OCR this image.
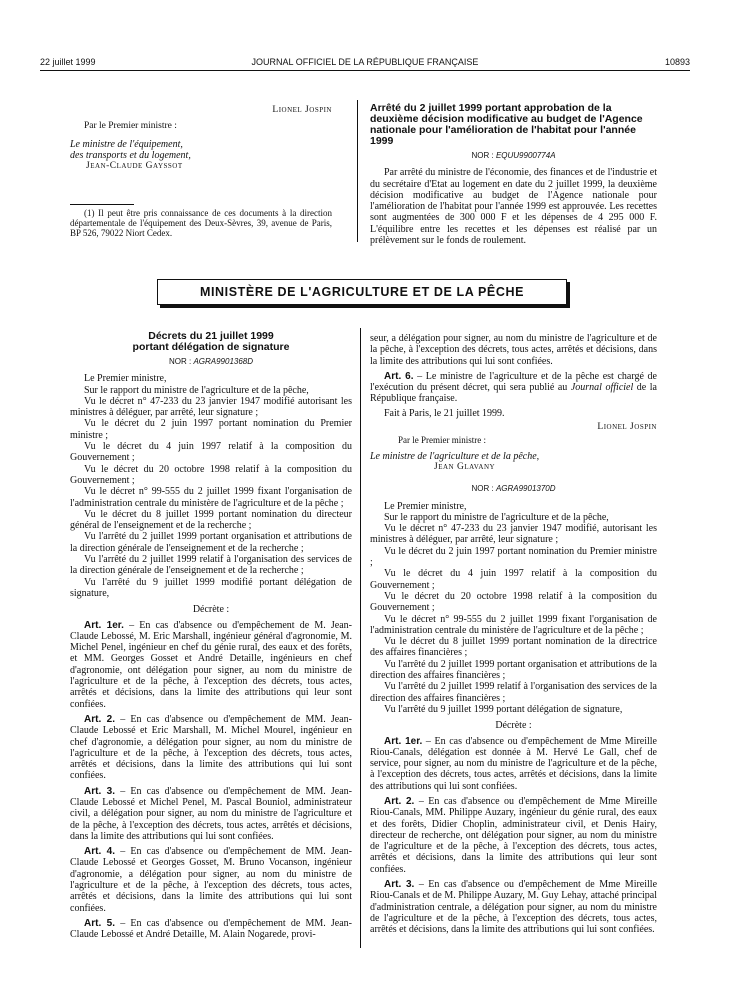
22 juillet 1999	JOURNAL OFFICIEL DE LA RÉPUBLIQUE FRANÇAISE	10893
Lionel Jospin
Par le Premier ministre :
Le ministre de l'équipement,
des transports et du logement,
Jean-Claude Gayssot

(1) Il peut être pris connaissance de ces documents à la direction départementale de l'équipement des Deux-Sèvres, 39, avenue de Paris, BP 526, 79022 Niort Cedex.

Arrêté du 2 juillet 1999 portant approbation de la deuxième décision modificative au budget de l'Agence nationale pour l'amélioration de l'habitat pour l'année 1999
NOR : EQUU9900774A

Par arrêté du ministre de l'économie, des finances et de l'industrie et du secrétaire d'Etat au logement en date du 2 juillet 1999, la deuxième décision modificative au budget de l'Agence nationale pour l'amélioration de l'habitat pour l'année 1999 est approuvée. Les recettes sont augmentées de 300 000 F et les dépenses de 4 295 000 F. L'équilibre entre les recettes et les dépenses est réalisé par un prélèvement sur le fonds de roulement.

MINISTÈRE DE L'AGRICULTURE ET DE LA PÊCHE
Décrets du 21 juillet 1999
portant délégation de signature
NOR : AGRA9901368D

Le Premier ministre,

Sur le rapport du ministre de l'agriculture et de la pêche,

Vu le décret n° 47-233 du 23 janvier 1947 modifié autorisant les ministres à déléguer, par arrêté, leur signature ;

Vu le décret du 2 juin 1997 portant nomination du Premier ministre ;

Vu le décret du 4 juin 1997 relatif à la composition du Gouvernement ;

Vu le décret du 20 octobre 1998 relatif à la composition du Gouvernement ;

Vu le décret n° 99-555 du 2 juillet 1999 fixant l'organisation de l'administration centrale du ministère de l'agriculture et de la pêche ;

Vu le décret du 8 juillet 1999 portant nomination du directeur général de l'enseignement et de la recherche ;

Vu l'arrêté du 2 juillet 1999 portant organisation et attributions de la direction générale de l'enseignement et de la recherche ;

Vu l'arrêté du 2 juillet 1999 relatif à l'organisation des services de la direction générale de l'enseignement et de la recherche ;

Vu l'arrêté du 9 juillet 1999 modifié portant délégation de signature,

Décrète :

Art. 1er. – En cas d'absence ou d'empêchement de M. Jean-Claude Lebossé, M. Eric Marshall, ingénieur général d'agronomie, M. Michel Penel, ingénieur en chef du génie rural, des eaux et des forêts, et MM. Georges Gosset et André Detaille, ingénieurs en chef d'agronomie, ont délégation pour signer, au nom du ministre de l'agriculture et de la pêche, à l'exception des décrets, tous actes, arrêtés et décisions, dans la limite des attributions qui leur sont confiées.

Art. 2. – En cas d'absence ou d'empêchement de MM. Jean-Claude Lebossé et Eric Marshall, M. Michel Mourel, ingénieur en chef d'agronomie, a délégation pour signer, au nom du ministre de l'agriculture et de la pêche, à l'exception des décrets, tous actes, arrêtés et décisions, dans la limite des attributions qui lui sont confiées.

Art. 3. – En cas d'absence ou d'empêchement de MM. Jean-Claude Lebossé et Michel Penel, M. Pascal Bouniol, administrateur civil, a délégation pour signer, au nom du ministre de l'agriculture et de la pêche, à l'exception des décrets, tous actes, arrêtés et décisions, dans la limite des attributions qui lui sont confiées.

Art. 4. – En cas d'absence ou d'empêchement de MM. Jean-Claude Lebossé et Georges Gosset, M. Bruno Vocanson, ingénieur d'agronomie, a délégation pour signer, au nom du ministre de l'agriculture et de la pêche, à l'exception des décrets, tous actes, arrêtés et décisions, dans la limite des attributions qui lui sont confiées.

Art. 5. – En cas d'absence ou d'empêchement de MM. Jean-Claude Lebossé et André Detaille, M. Alain Nogarede, provi-

seur, a délégation pour signer, au nom du ministre de l'agriculture et de la pêche, à l'exception des décrets, tous actes, arrêtés et décisions, dans la limite des attributions qui lui sont confiées.

Art. 6. – Le ministre de l'agriculture et de la pêche est chargé de l'exécution du présent décret, qui sera publié au Journal officiel de la République française.

Fait à Paris, le 21 juillet 1999.

Lionel Jospin
Par le Premier ministre :
Le ministre de l'agriculture et de la pêche,
Jean Glavany
NOR : AGRA9901370D

Le Premier ministre,

Sur le rapport du ministre de l'agriculture et de la pêche,

Vu le décret n° 47-233 du 23 janvier 1947 modifié, autorisant les ministres à déléguer, par arrêté, leur signature ;

Vu le décret du 2 juin 1997 portant nomination du Premier ministre ;

Vu le décret du 4 juin 1997 relatif à la composition du Gouvernement ;

Vu le décret du 20 octobre 1998 relatif à la composition du Gouvernement ;

Vu le décret n° 99-555 du 2 juillet 1999 fixant l'organisation de l'administration centrale du ministère de l'agriculture et de la pêche ;

Vu le décret du 8 juillet 1999 portant nomination de la directrice des affaires financières ;

Vu l'arrêté du 2 juillet 1999 portant organisation et attributions de la direction des affaires financières ;

Vu l'arrêté du 2 juillet 1999 relatif à l'organisation des services de la direction des affaires financières ;

Vu l'arrêté du 9 juillet 1999 portant délégation de signature,

Décrète :

Art. 1er. – En cas d'absence ou d'empêchement de Mme Mireille Riou-Canals, délégation est donnée à M. Hervé Le Gall, chef de service, pour signer, au nom du ministre de l'agriculture et de la pêche, à l'exception des décrets, tous actes, arrêtés et décisions, dans la limite des attributions qui lui sont confiées.

Art. 2. – En cas d'absence ou d'empêchement de Mme Mireille Riou-Canals, MM. Philippe Auzary, ingénieur du génie rural, des eaux et des forêts, Didier Choplin, administrateur civil, et Denis Hairy, directeur de recherche, ont délégation pour signer, au nom du ministre de l'agriculture et de la pêche, à l'exception des décrets, tous actes, arrêtés et décisions, dans la limite des attributions qui leur sont confiées.

Art. 3. – En cas d'absence ou d'empêchement de Mme Mireille Riou-Canals et de M. Philippe Auzary, M. Guy Lehay, attaché principal d'administration centrale, a délégation pour signer, au nom du ministre de l'agriculture et de la pêche, à l'exception des décrets, tous actes, arrêtés et décisions, dans la limite des attributions qui lui sont confiées.
